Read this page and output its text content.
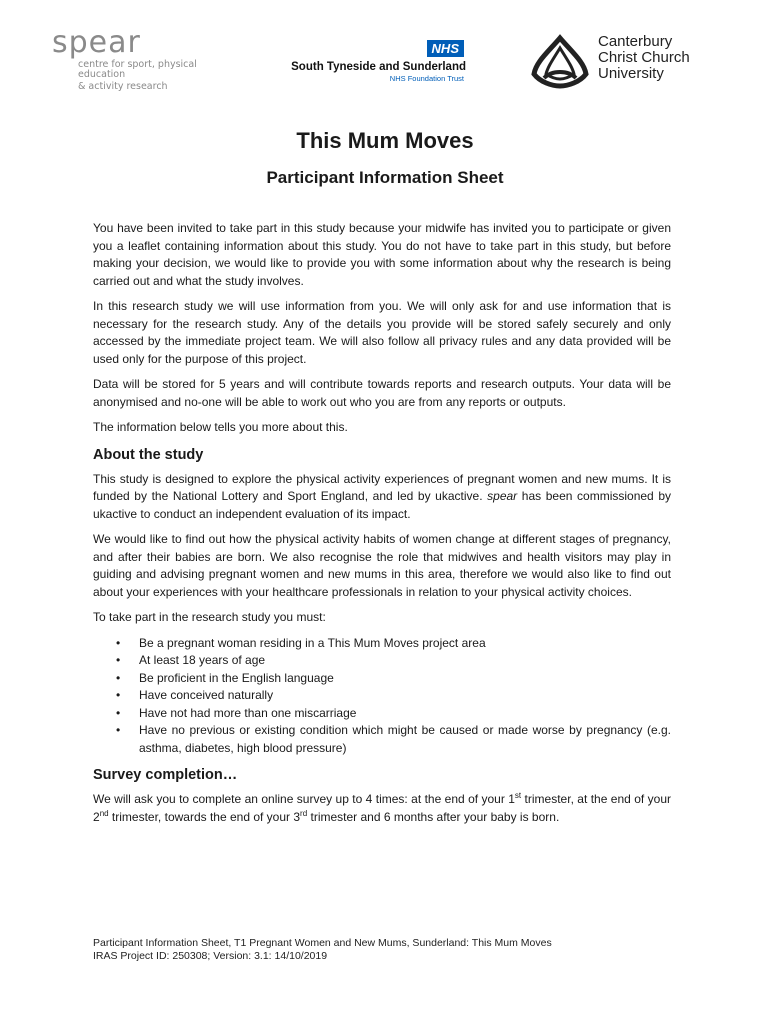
spear
centre for sport, physical education
& activity research
NHS
South Tyneside and Sunderland
NHS Foundation Trust
Canterbury
Christ Church
University
This Mum Moves
Participant Information Sheet

You have been invited to take part in this study because your midwife has invited you to participate or given you a leaflet containing information about this study. You do not have to take part in this study, but before making your decision, we would like to provide you with some information about why the research is being carried out and what the study involves.

In this research study we will use information from you. We will only ask for and use information that is necessary for the research study. Any of the details you provide will be stored safely securely and only accessed by the immediate project team. We will also follow all privacy rules and any data provided will be used only for the purpose of this project.

Data will be stored for 5 years and will contribute towards reports and research outputs. Your data will be anonymised and no-one will be able to work out who you are from any reports or outputs.

The information below tells you more about this.

About the study

This study is designed to explore the physical activity experiences of pregnant women and new mums. It is funded by the National Lottery and Sport England, and led by ukactive. spear has been commissioned by ukactive to conduct an independent evaluation of its impact.

We would like to find out how the physical activity habits of women change at different stages of pregnancy, and after their babies are born. We also recognise the role that midwives and health visitors may play in guiding and advising pregnant women and new mums in this area, therefore we would also like to find out about your experiences with your healthcare professionals in relation to your physical activity choices.

To take part in the research study you must:

• Be a pregnant woman residing in a This Mum Moves project area
• At least 18 years of age
• Be proficient in the English language
• Have conceived naturally
• Have not had more than one miscarriage
• Have no previous or existing condition which might be caused or made worse by pregnancy (e.g. asthma, diabetes, high blood pressure)
Survey completion…

We will ask you to complete an online survey up to 4 times: at the end of your 1st trimester, at the end of your 2nd trimester, towards the end of your 3rd trimester and 6 months after your baby is born.

Participant Information Sheet, T1 Pregnant Women and New Mums, Sunderland: This Mum Moves
IRAS Project ID: 250308; Version: 3.1: 14/10/2019
